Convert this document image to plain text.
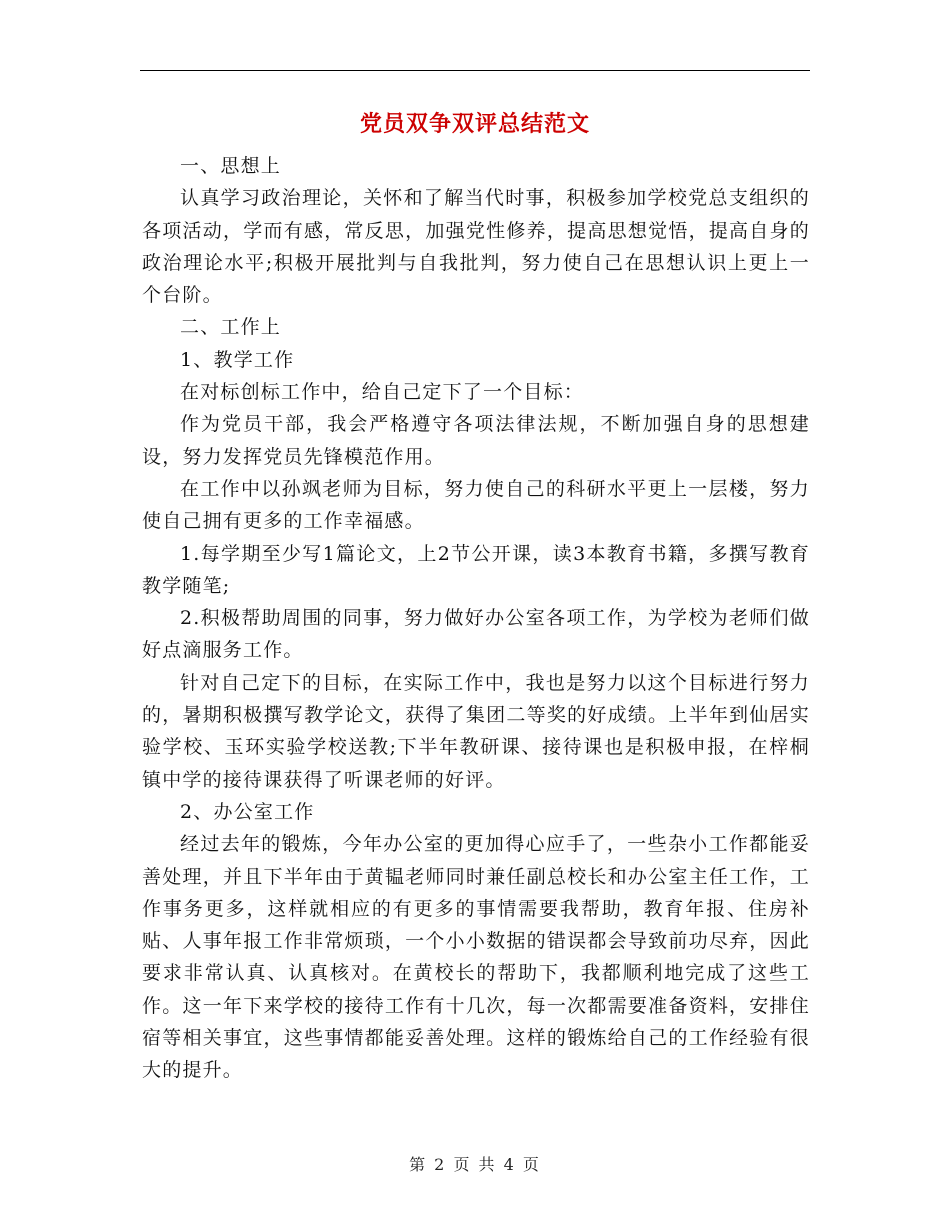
党员双争双评总结范文

一、思想上

认真学习政治理论，关怀和了解当代时事，积极参加学校党总支组织的各项活动，学而有感，常反思，加强党性修养，提高思想觉悟，提高自身的政治理论水平;积极开展批判与自我批判，努力使自己在思想认识上更上一个台阶。

二、工作上

1、教学工作

在对标创标工作中，给自己定下了一个目标：

作为党员干部，我会严格遵守各项法律法规，不断加强自身的思想建设，努力发挥党员先锋模范作用。

在工作中以孙飒老师为目标，努力使自己的科研水平更上一层楼，努力使自己拥有更多的工作幸福感。

1.每学期至少写1篇论文，上2节公开课，读3本教育书籍，多撰写教育教学随笔;

2.积极帮助周围的同事，努力做好办公室各项工作，为学校为老师们做好点滴服务工作。

针对自己定下的目标，在实际工作中，我也是努力以这个目标进行努力的，暑期积极撰写教学论文，获得了集团二等奖的好成绩。上半年到仙居实验学校、玉环实验学校送教;下半年教研课、接待课也是积极申报，在梓桐镇中学的接待课获得了听课老师的好评。

2、办公室工作

经过去年的锻炼，今年办公室的更加得心应手了，一些杂小工作都能妥善处理，并且下半年由于黄韫老师同时兼任副总校长和办公室主任工作，工作事务更多，这样就相应的有更多的事情需要我帮助，教育年报、住房补贴、人事年报工作非常烦琐，一个小小数据的错误都会导致前功尽弃，因此要求非常认真、认真核对。在黄校长的帮助下，我都顺利地完成了这些工作。这一年下来学校的接待工作有十几次，每一次都需要准备资料，安排住宿等相关事宜，这些事情都能妥善处理。这样的锻炼给自己的工作经验有很大的提升。

第 2 页 共 4 页
